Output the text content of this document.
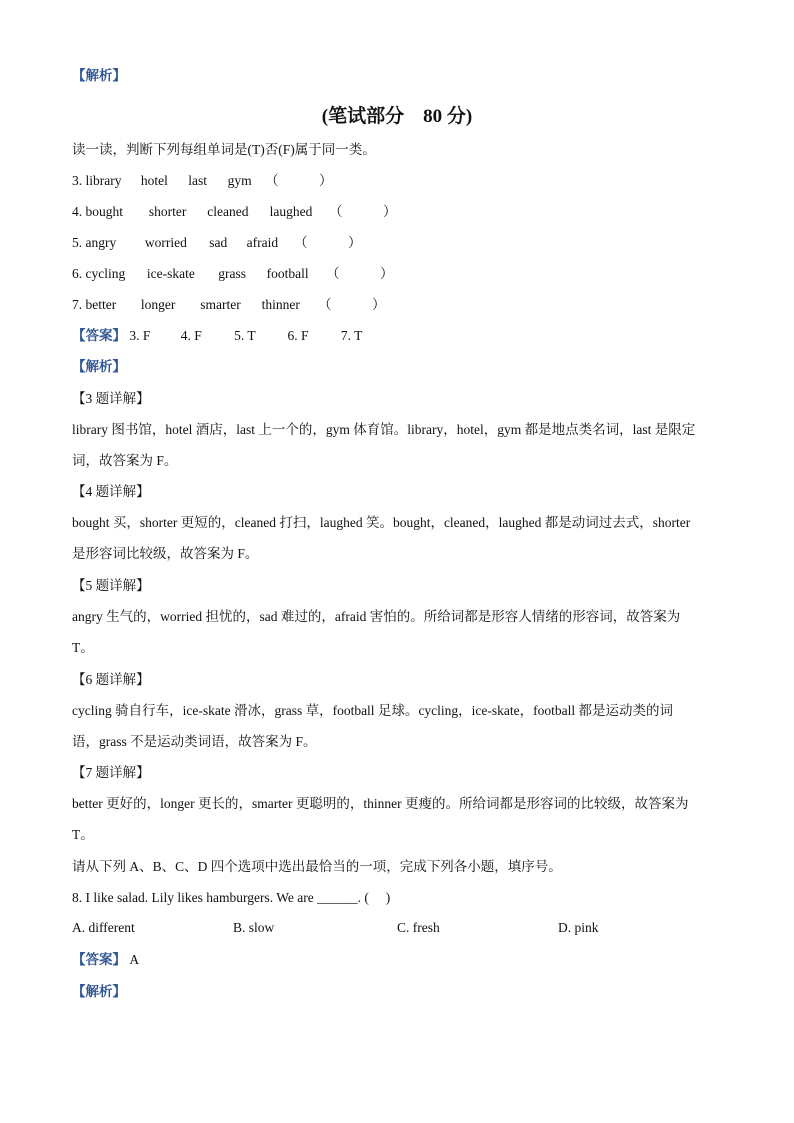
【解析】
(笔试部分　80 分)
读一读，判断下列每组单词是(T)否(F)属于同一类。
3. library hotel last gym （　　　）
4. bought shorter cleaned laughed （　　　）
5. angry worried sad afraid （　　　）
6. cycling ice-skate grass football （　　　）
7. better longer smarter thinner （　　　）
【答案】 3. F 4. F 5. T 6. F 7. T
【解析】
【3 题详解】
library 图书馆，hotel 酒店，last 上一个的，gym 体育馆。library，hotel，gym 都是地点类名词，last 是限定
词，故答案为 F。
【4 题详解】
bought 买，shorter 更短的，cleaned 打扫，laughed 笑。bought，cleaned，laughed 都是动词过去式，shorter
是形容词比较级，故答案为 F。
【5 题详解】
angry 生气的，worried 担忧的，sad 难过的，afraid 害怕的。所给词都是形容人情绪的形容词，故答案为
T。
【6 题详解】
cycling 骑自行车，ice-skate 滑冰，grass 草，football 足球。cycling，ice-skate，football 都是运动类的词
语，grass 不是运动类词语，故答案为 F。
【7 题详解】
better 更好的，longer 更长的，smarter 更聪明的，thinner 更瘦的。所给词都是形容词的比较级，故答案为
T。
请从下列 A、B、C、D 四个选项中选出最恰当的一项，完成下列各小题，填序号。
8. I like salad. Lily likes hamburgers. We are ______. (　 )
A. different	B. slow	C. fresh	D. pink
【答案】 A
【解析】
